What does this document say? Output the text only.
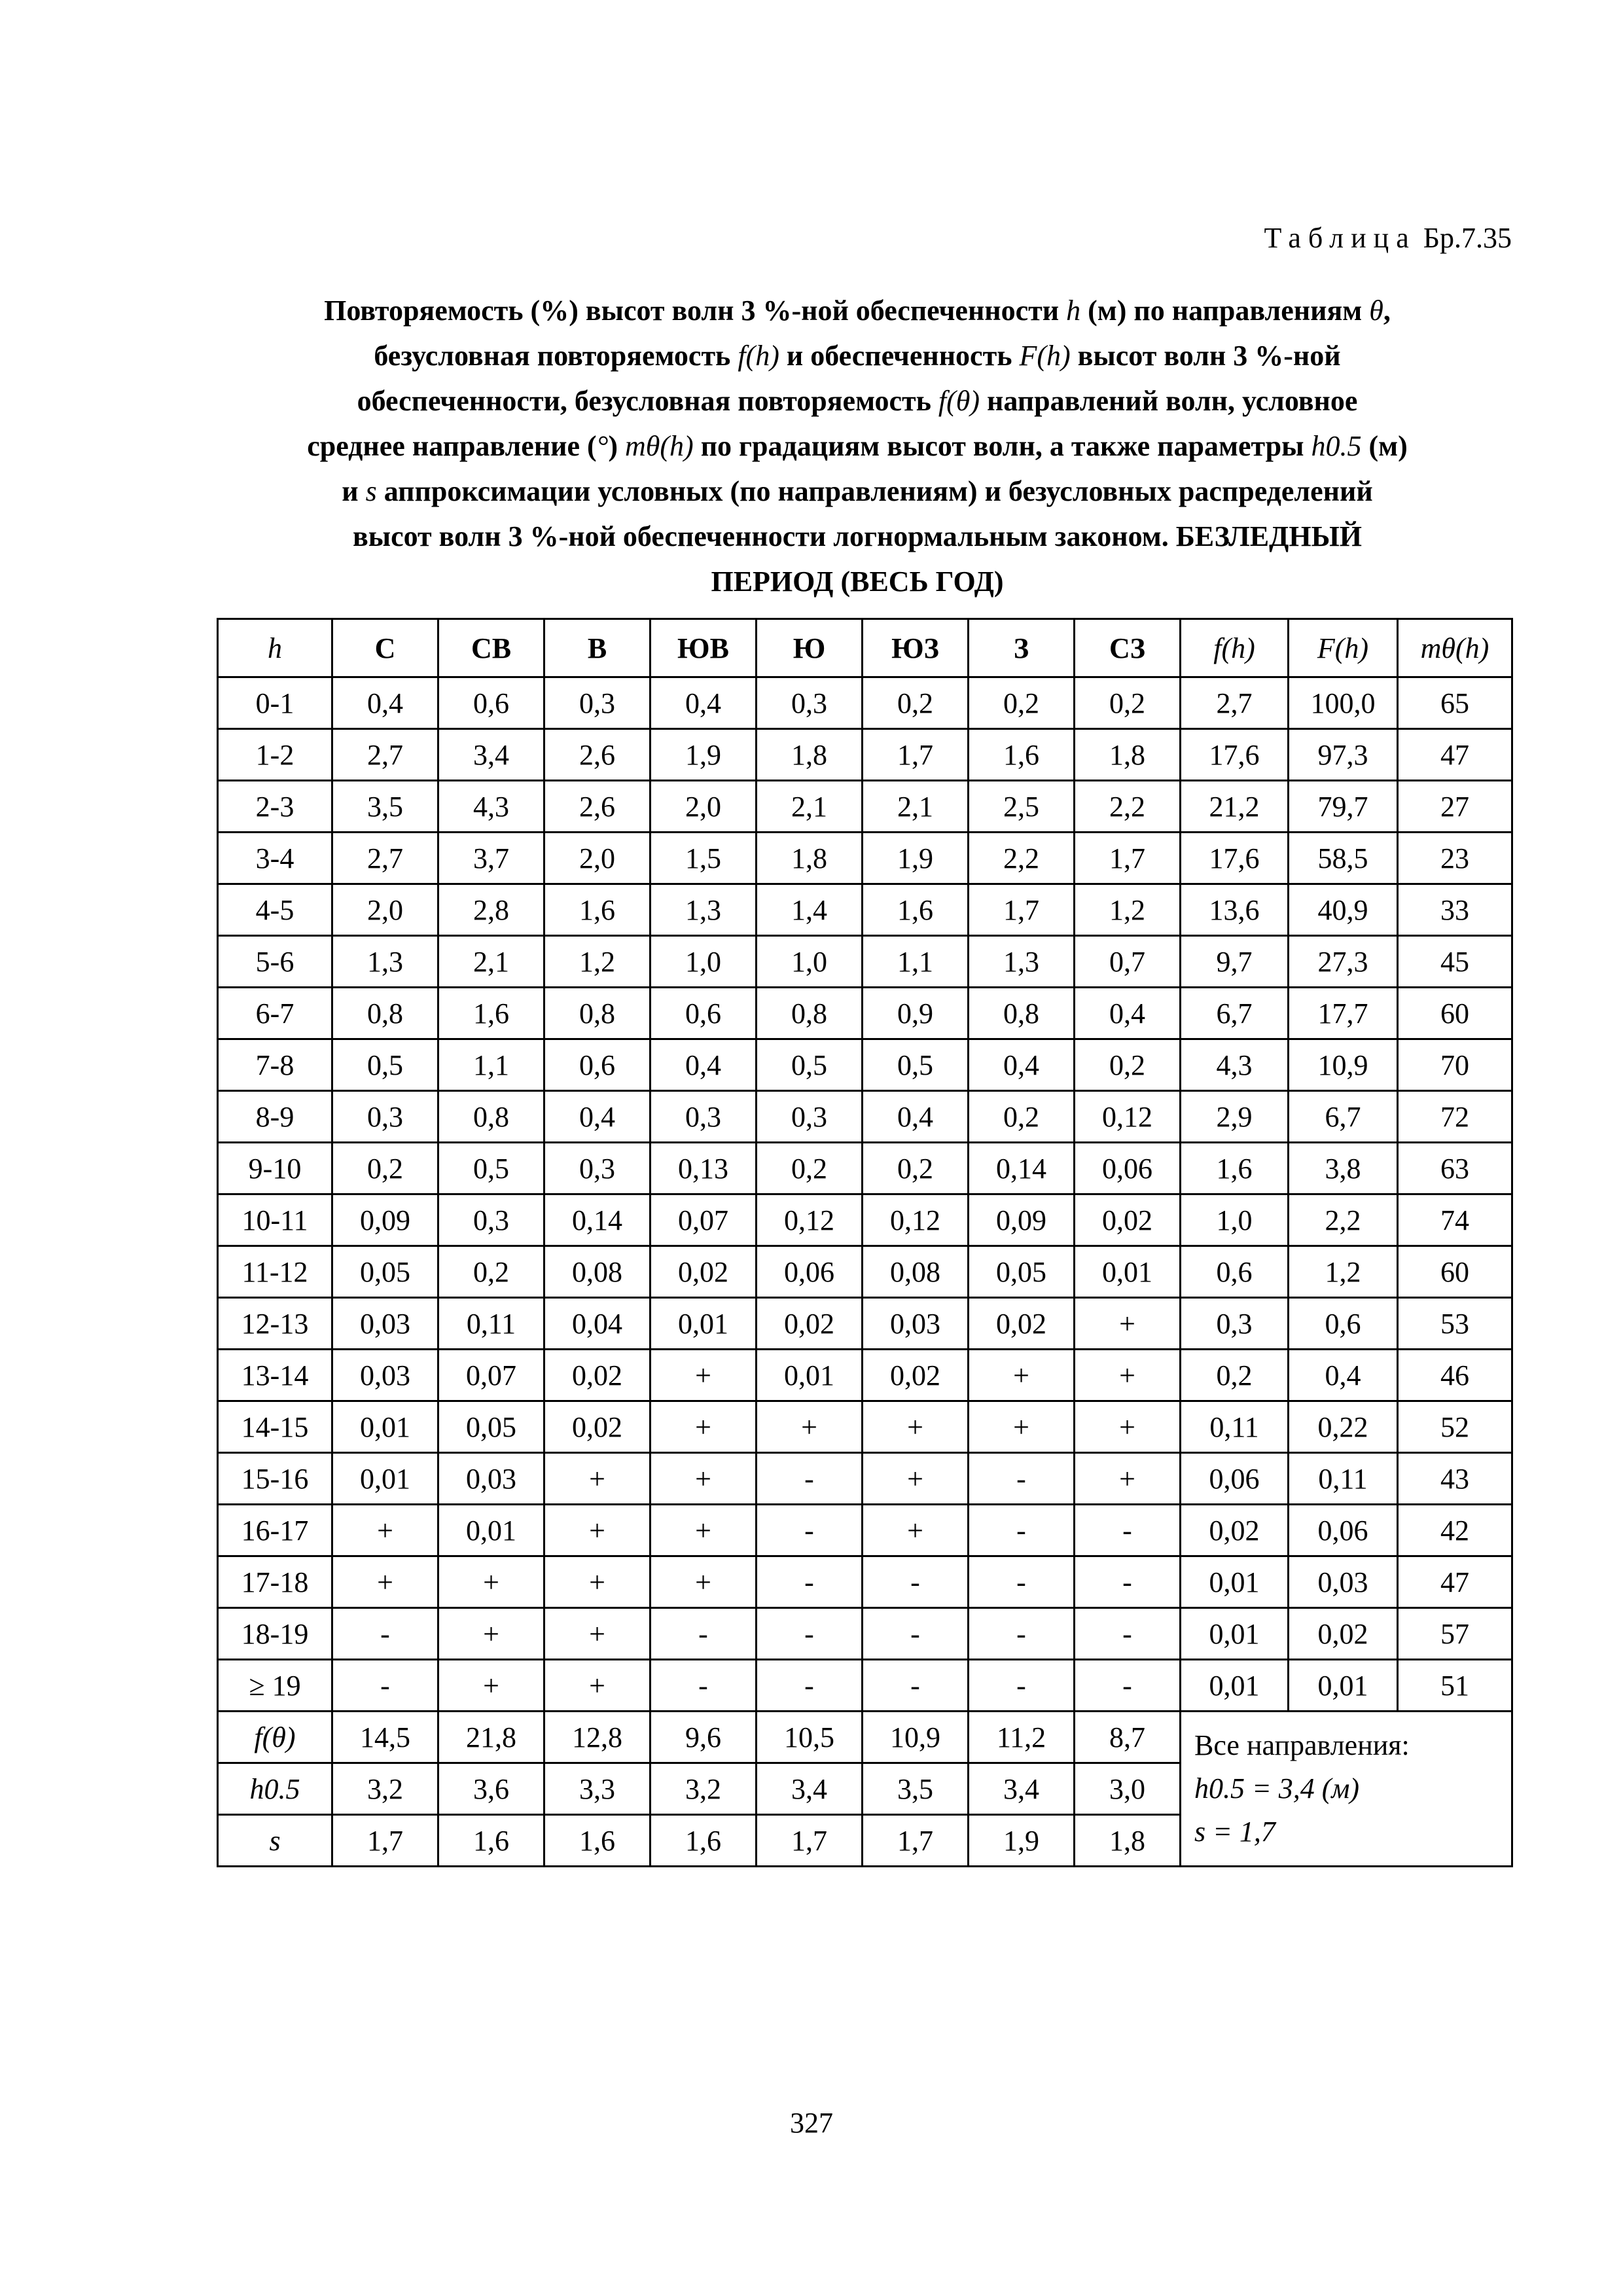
Таблица Бр.7.35
Повторяемость (%) высот волн 3 %-ной обеспеченности h (м) по направлениям θ,
безусловная повторяемость f(h) и обеспеченность F(h) высот волн 3 %-ной
обеспеченности, безусловная повторяемость f(θ) направлений волн, условное
среднее направление (°) mθ(h) по градациям высот волн, а также параметры h0.5 (м)
и s аппроксимации условных (по направлениям) и безусловных распределений
высот волн 3 %-ной обеспеченности логнормальным законом. БЕЗЛЕДНЫЙ
ПЕРИОД (ВЕСЬ ГОД)
h	С	СВ	В	ЮВ	Ю	ЮЗ	З	СЗ	f(h)	F(h)	mθ(h)
0-1	0,4	0,6	0,3	0,4	0,3	0,2	0,2	0,2	2,7	100,0	65
1-2	2,7	3,4	2,6	1,9	1,8	1,7	1,6	1,8	17,6	97,3	47
2-3	3,5	4,3	2,6	2,0	2,1	2,1	2,5	2,2	21,2	79,7	27
3-4	2,7	3,7	2,0	1,5	1,8	1,9	2,2	1,7	17,6	58,5	23
4-5	2,0	2,8	1,6	1,3	1,4	1,6	1,7	1,2	13,6	40,9	33
5-6	1,3	2,1	1,2	1,0	1,0	1,1	1,3	0,7	9,7	27,3	45
6-7	0,8	1,6	0,8	0,6	0,8	0,9	0,8	0,4	6,7	17,7	60
7-8	0,5	1,1	0,6	0,4	0,5	0,5	0,4	0,2	4,3	10,9	70
8-9	0,3	0,8	0,4	0,3	0,3	0,4	0,2	0,12	2,9	6,7	72
9-10	0,2	0,5	0,3	0,13	0,2	0,2	0,14	0,06	1,6	3,8	63
10-11	0,09	0,3	0,14	0,07	0,12	0,12	0,09	0,02	1,0	2,2	74
11-12	0,05	0,2	0,08	0,02	0,06	0,08	0,05	0,01	0,6	1,2	60
12-13	0,03	0,11	0,04	0,01	0,02	0,03	0,02	+	0,3	0,6	53
13-14	0,03	0,07	0,02	+	0,01	0,02	+	+	0,2	0,4	46
14-15	0,01	0,05	0,02	+	+	+	+	+	0,11	0,22	52
15-16	0,01	0,03	+	+	-	+	-	+	0,06	0,11	43
16-17	+	0,01	+	+	-	+	-	-	0,02	0,06	42
17-18	+	+	+	+	-	-	-	-	0,01	0,03	47
18-19	-	+	+	-	-	-	-	-	0,01	0,02	57
≥ 19	-	+	+	-	-	-	-	-	0,01	0,01	51
f(θ)	14,5	21,8	12,8	9,6	10,5	10,9	11,2	8,7	Все направления:
h0.5 = 3,4 (м)
s = 1,7		

h0.5	3,2	3,6	3,3	3,2	3,4	3,5	3,4	3,0			
s	1,7	1,6	1,6	1,6	1,7	1,7	1,9	1,8			
327
